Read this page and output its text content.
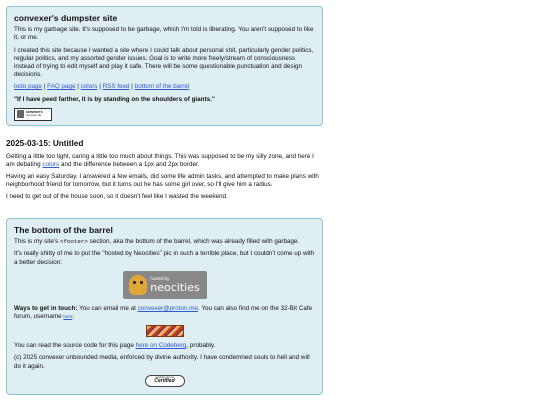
convexer's dumpster site

This is my garbage site. It's supposed to be garbage, which I'm told is liberating. You aren't supposed to like it, or me.

I created this site because I wanted a site where I could talk about personal shit, particularly gender politics, regular politics, and my assorted gender issues. Goal is to write more freely/stream of consciousness instead of trying to edit myself and play it safe. There will be some questionable punctuation and design decisions.

todo page | FAQ page | colors | RSS feed | bottom of the barrel

"If I have peed farther, it is by standing on the shoulders of giants."

convexer's
dumpster site
2025-03-15: Untitled

Getting a little too tight, caring a little too much about things. This was supposed to be my silly zone, and here I am debating colors and the difference between a 1px and 2px border.

Having an easy Saturday. I answered a few emails, did some life admin tasks, and attempted to make plans with neighborhood friend for tomorrow, but it turns out he has some girl over, so I'll give him a radius.

I need to get out of the house soon, so it doesn't feel like I wasted the weekend.

The bottom of the barrel

This is my site's <footer> section, aka the bottom of the barrel, which was already filled with garbage.

It's really shitty of me to put the "hosted by Neocities" pic in such a terrible place, but I couldn't come up with a better decision:

hosted by
neocities

Ways to get in touch: You can email me at convexer@proton.me. You can also find me on the 32-Bit Cafe forum, username here:

You can read the source code for this page here on Codeberg, probably.

(c) 2025 convexer unbounded media, enforced by divine authority. I have condemned souls to hell and will do it again.

neighbourhood
Certified
